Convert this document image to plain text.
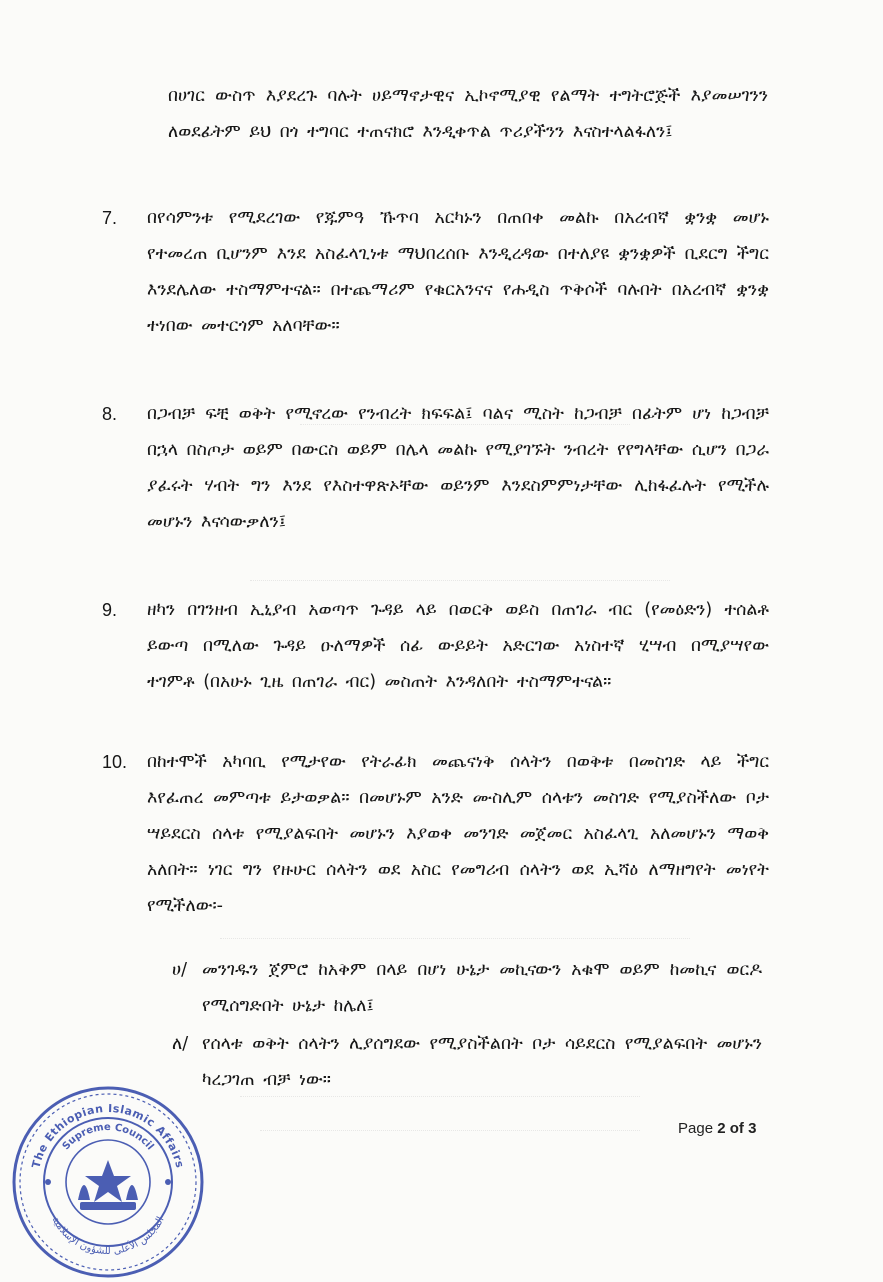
በሀገር ውስጥ እያደረጉ ባሉት ሀይማኖታዊና ኢኮኖሚያዊ የልማት ተግትሮጅች እያመሠገንን ለወደፊትም ይህ በጎ ተግባር ተጠናክሮ እንዲቀጥል ጥሪያችንን እናስተላልፋለን፤
7. በየሳምንቱ የሚደረገው የጁምዓ ኹጥባ አርካኑን በጠበቀ መልኩ በአረብኛ ቋንቋ መሆኑ የተመረጠ ቢሆንም እንደ አስፈላጊነቱ ማህበረሰቡ እንዲረዳው በተለያዩ ቋንቋዎች ቢደርግ ችግር እንደሌለው ተስማምተናል። በተጨማሪም የቁርአንናና የሐዲስ ጥቅሶች ባሉበት በአረብኛ ቋንቋ ተነበው መተርጎም አለባቸው።
8. በጋብቻ ፍቺ ወቅት የሚኖረው የንብረት ክፍፍል፤ ባልና ሚስት ከጋብቻ በፊትም ሆነ ከጋብቻ በኋላ በስጦታ ወይም በውርስ ወይም በሌላ መልኩ የሚያገኙት ንብረት የየግላቸው ሲሆን በጋራ ያፈሩት ሃብት ግን እንደ የእስተዋጽኦቸው ወይንም እንደስምምነታቸው ሊከፋፈሉት የሚችሉ መሆኑን እናሳውቃለን፤
9. ዘካን በገንዘብ ኢኒያብ አወጣጥ ጉዳይ ላይ በወርቅ ወይስ በጠገራ ብር (የመዕድን) ተሰልቶ ይውጣ በሚለው ጉዳይ ዑለማዎች ሰፊ ውይይት አድርገው አነስተኛ ሂሣብ በሚያሣየው ተገምቶ (በአሁኑ ጊዜ በጠገራ ብር) መስጠት እንዳለበት ተስማምተናል።
10. በከተሞች አካባቢ የሚታየው የትራፊክ መጨናነቅ ሰላትን በወቅቱ በመስገድ ላይ ችግር እየፈጠረ መምጣቱ ይታወቃል። በመሆኑም አንድ ሙስሊም ሰላቱን መስገድ የሚያስችለው ቦታ ሣይደርስ ሰላቱ የሚያልፍበት መሆኑን እያወቀ መንገድ መጀመር አስፈላጊ አለመሆኑን ማወቅ አለበት። ነገር ግን የዙሁር ሰላትን ወደ አስር የመግሪብ ሰላትን ወደ ኢሻዕ ለማዘግየት መነየት የሚችለው፡-
ሀ/ መንገዱን ጀምሮ ከአቅም በላይ በሆነ ሁኔታ መኪናውን አቁሞ ወይም ከመኪና ወርዶ የሚሰግድበት ሁኔታ ከሌለ፤
ለ/ የሰላቱ ወቅት ሰላትን ሊያሰግደው የሚያስችልበት ቦታ ሳይደርስ የሚያልፍበት መሆኑን ካረጋገጠ ብቻ ነው።
Page 2 of 3
The Ethiopian Islamic Affairs
Supreme Council
المجلس الأعلى للشؤون الإسلامية
